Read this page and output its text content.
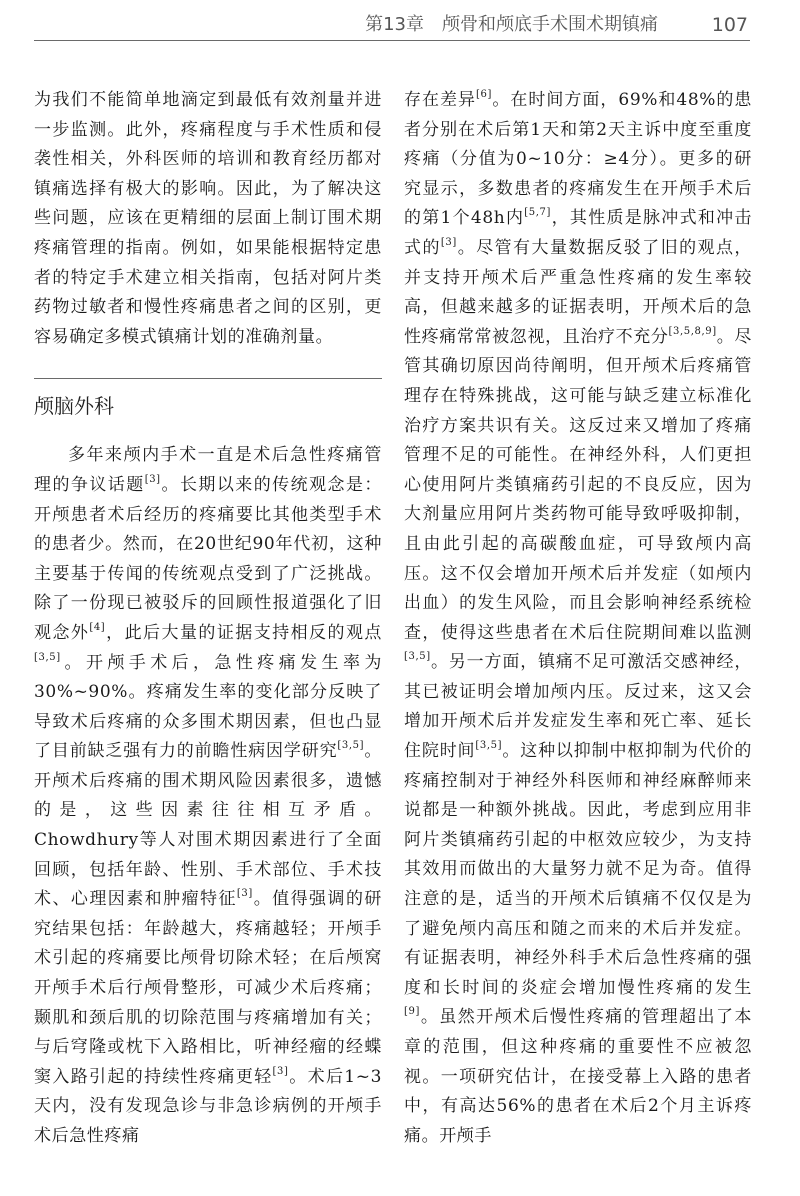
第13章　颅骨和颅底手术围术期镇痛	107

为我们不能简单地滴定到最低有效剂量并进一步监测。此外，疼痛程度与手术性质和侵袭性相关，外科医师的培训和教育经历都对镇痛选择有极大的影响。因此，为了解决这些问题，应该在更精细的层面上制订围术期疼痛管理的指南。例如，如果能根据特定患者的特定手术建立相关指南，包括对阿片类药物过敏者和慢性疼痛患者之间的区别，更容易确定多模式镇痛计划的准确剂量。

颅脑外科

多年来颅内手术一直是术后急性疼痛管理的争议话题[3]。长期以来的传统观念是：开颅患者术后经历的疼痛要比其他类型手术的患者少。然而，在20世纪90年代初，这种主要基于传闻的传统观点受到了广泛挑战。除了一份现已被驳斥的回顾性报道强化了旧观念外[4]，此后大量的证据支持相反的观点[3,5]。开颅手术后，急性疼痛发生率为30%~90%。疼痛发生率的变化部分反映了导致术后疼痛的众多围术期因素，但也凸显了目前缺乏强有力的前瞻性病因学研究[3,5]。开颅术后疼痛的围术期风险因素很多，遗憾的是，这些因素往往相互矛盾。Chowdhury等人对围术期因素进行了全面回顾，包括年龄、性别、手术部位、手术技术、心理因素和肿瘤特征[3]。值得强调的研究结果包括：年龄越大，疼痛越轻；开颅手术引起的疼痛要比颅骨切除术轻；在后颅窝开颅手术后行颅骨整形，可减少术后疼痛；颞肌和颈后肌的切除范围与疼痛增加有关；与后穹隆或枕下入路相比，听神经瘤的经蝶窦入路引起的持续性疼痛更轻[3]。术后1~3天内，没有发现急诊与非急诊病例的开颅手术后急性疼痛

存在差异[6]。在时间方面，69%和48%的患者分别在术后第1天和第2天主诉中度至重度疼痛（分值为0~10分：≥4分）。更多的研究显示，多数患者的疼痛发生在开颅手术后的第1个48h内[5,7]，其性质是脉冲式和冲击式的[3]。尽管有大量数据反驳了旧的观点，并支持开颅术后严重急性疼痛的发生率较高，但越来越多的证据表明，开颅术后的急性疼痛常常被忽视，且治疗不充分[3,5,8,9]。尽管其确切原因尚待阐明，但开颅术后疼痛管理存在特殊挑战，这可能与缺乏建立标准化治疗方案共识有关。这反过来又增加了疼痛管理不足的可能性。在神经外科，人们更担心使用阿片类镇痛药引起的不良反应，因为大剂量应用阿片类药物可能导致呼吸抑制，且由此引起的高碳酸血症，可导致颅内高压。这不仅会增加开颅术后并发症（如颅内出血）的发生风险，而且会影响神经系统检查，使得这些患者在术后住院期间难以监测[3,5]。另一方面，镇痛不足可激活交感神经，其已被证明会增加颅内压。反过来，这又会增加开颅术后并发症发生率和死亡率、延长住院时间[3,5]。这种以抑制中枢抑制为代价的疼痛控制对于神经外科医师和神经麻醉师来说都是一种额外挑战。因此，考虑到应用非阿片类镇痛药引起的中枢效应较少，为支持其效用而做出的大量努力就不足为奇。值得注意的是，适当的开颅术后镇痛不仅仅是为了避免颅内高压和随之而来的术后并发症。有证据表明，神经外科手术后急性疼痛的强度和长时间的炎症会增加慢性疼痛的发生[9]。虽然开颅术后慢性疼痛的管理超出了本章的范围，但这种疼痛的重要性不应被忽视。一项研究估计，在接受幕上入路的患者中，有高达56%的患者在术后2个月主诉疼痛。开颅手
